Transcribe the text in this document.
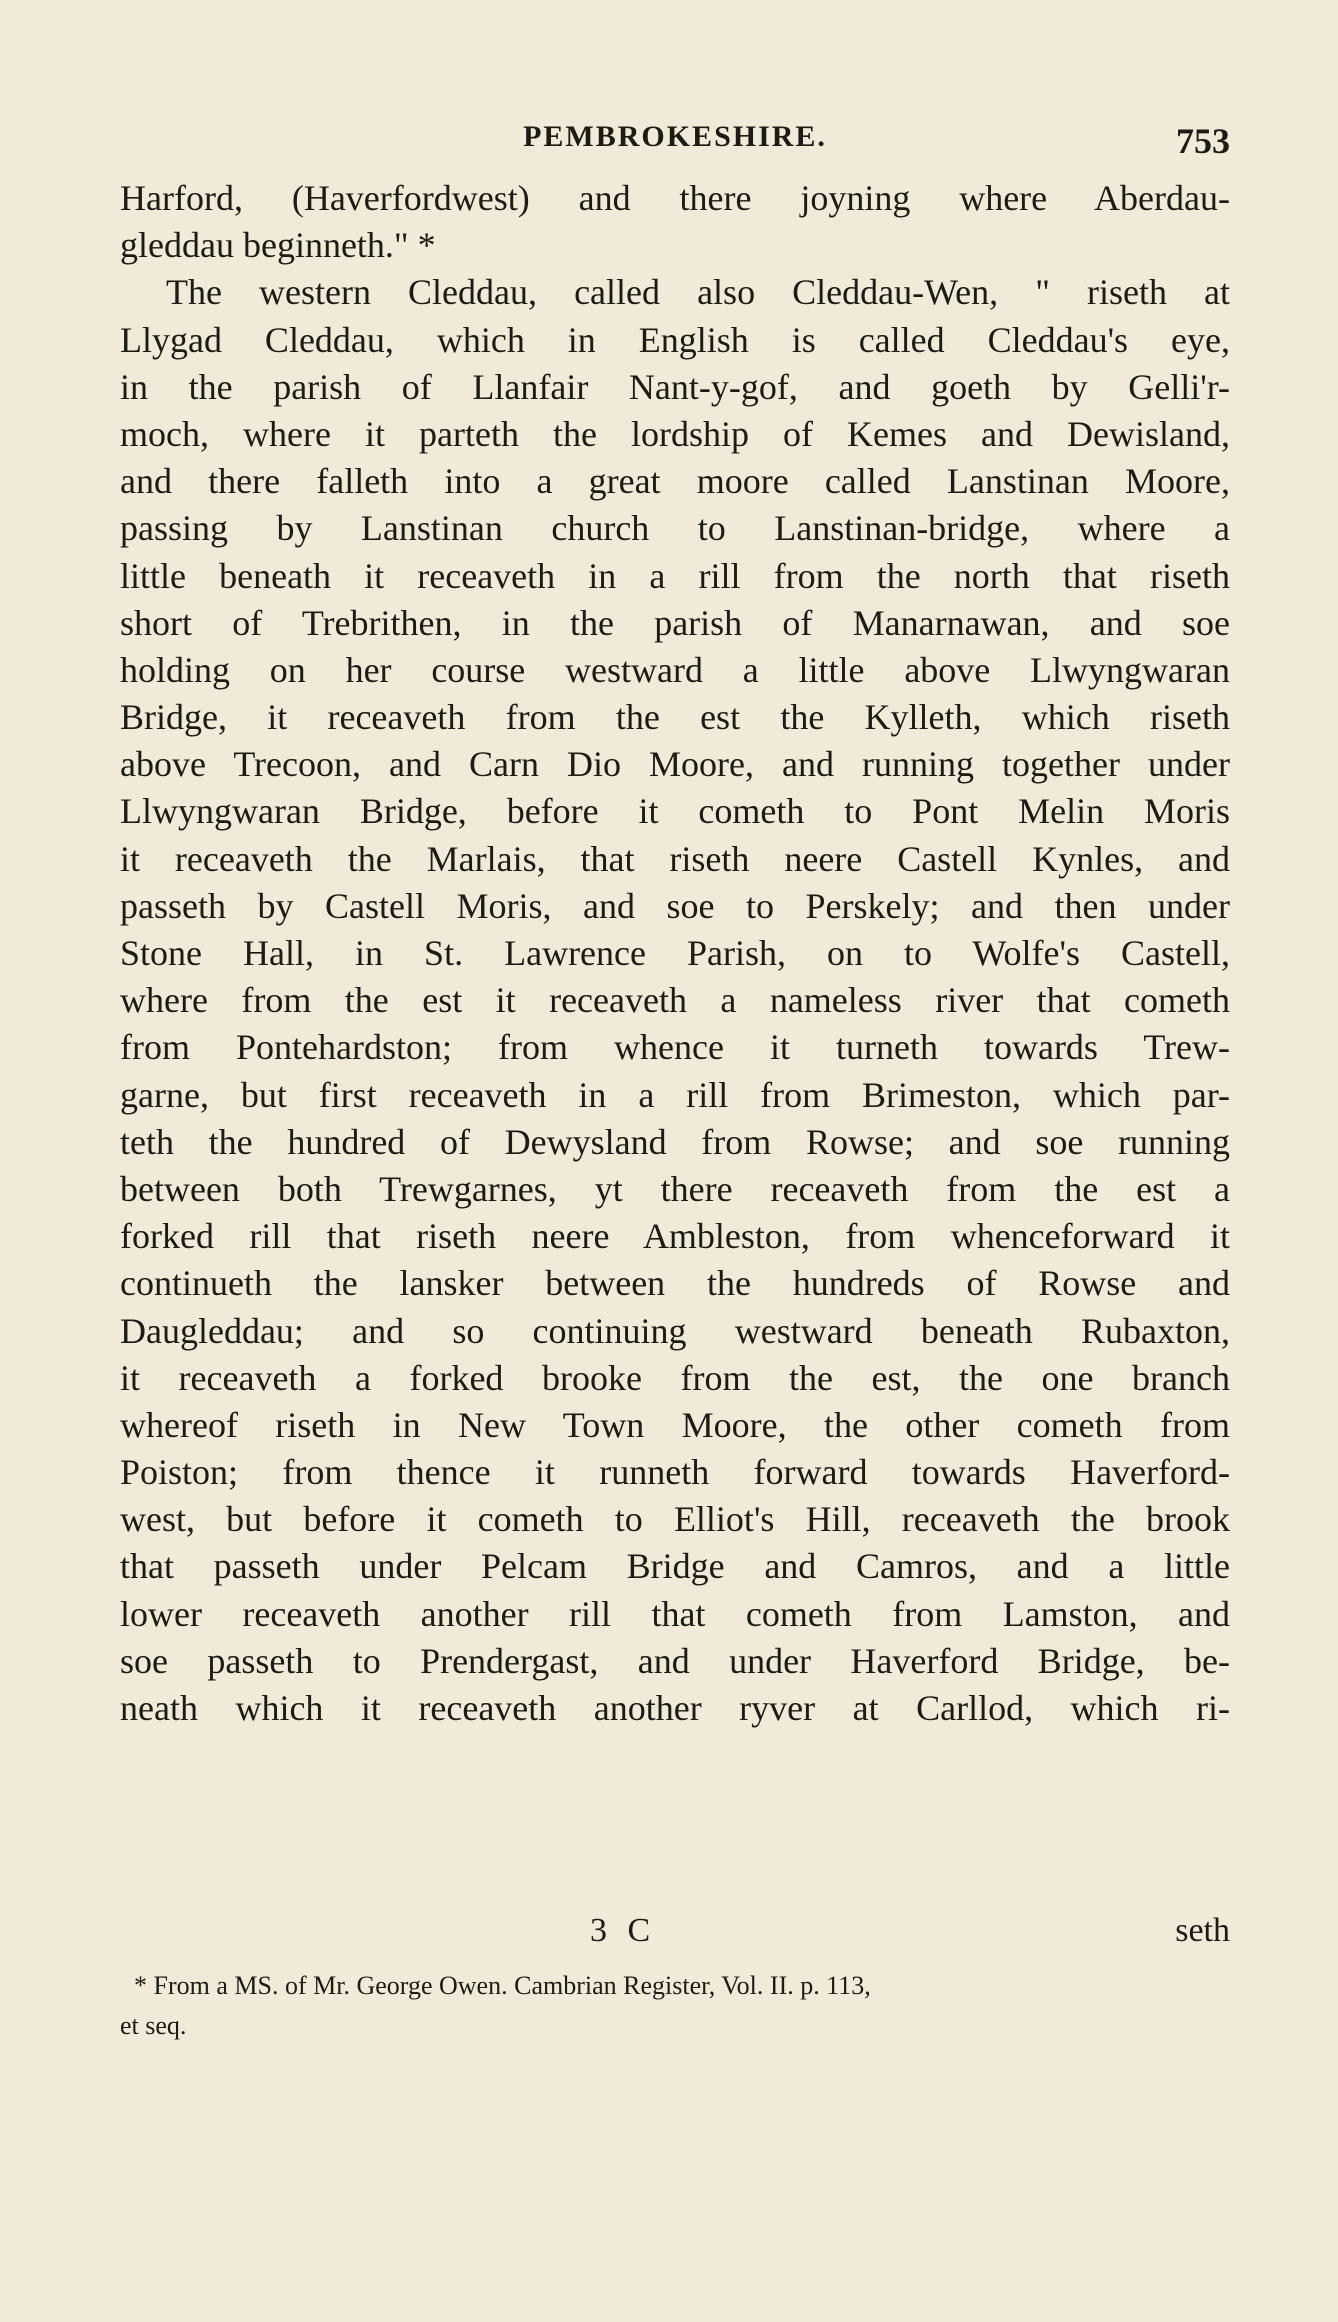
PEMBROKESHIRE.	753
Harford, (Haverfordwest) and there joyning where Aberdau-
gleddau beginneth." *
The western Cleddau, called also Cleddau-Wen, " riseth at
Llygad Cleddau, which in English is called Cleddau's eye,
in the parish of Llanfair Nant-y-gof, and goeth by Gelli'r-
moch, where it parteth the lordship of Kemes and Dewisland,
and there falleth into a great moore called Lanstinan Moore,
passing by Lanstinan church to Lanstinan-bridge, where a
little beneath it receaveth in a rill from the north that riseth
short of Trebrithen, in the parish of Manarnawan, and soe
holding on her course westward a little above Llwyngwaran
Bridge, it receaveth from the est the Kylleth, which riseth
above Trecoon, and Carn Dio Moore, and running together under
Llwyngwaran Bridge, before it cometh to Pont Melin Moris
it receaveth the Marlais, that riseth neere Castell Kynles, and
passeth by Castell Moris, and soe to Perskely; and then under
Stone Hall, in St. Lawrence Parish, on to Wolfe's Castell,
where from the est it receaveth a nameless river that cometh
from Pontehardston; from whence it turneth towards Trew-
garne, but first receaveth in a rill from Brimeston, which par-
teth the hundred of Dewysland from Rowse; and soe running
between both Trewgarnes, yt there receaveth from the est a
forked rill that riseth neere Ambleston, from whenceforward it
continueth the lansker between the hundreds of Rowse and
Daugleddau; and so continuing westward beneath Rubaxton,
it receaveth a forked brooke from the est, the one branch
whereof riseth in New Town Moore, the other cometh from
Poiston; from thence it runneth forward towards Haverford-
west, but before it cometh to Elliot's Hill, receaveth the brook
that passeth under Pelcam Bridge and Camros, and a little
lower receaveth another rill that cometh from Lamston, and
soe passeth to Prendergast, and under Haverford Bridge, be-
neath which it receaveth another ryver at Carllod, which ri-
3 C	seth
* From a MS. of Mr. George Owen. Cambrian Register, Vol. II. p. 113,
et seq.
